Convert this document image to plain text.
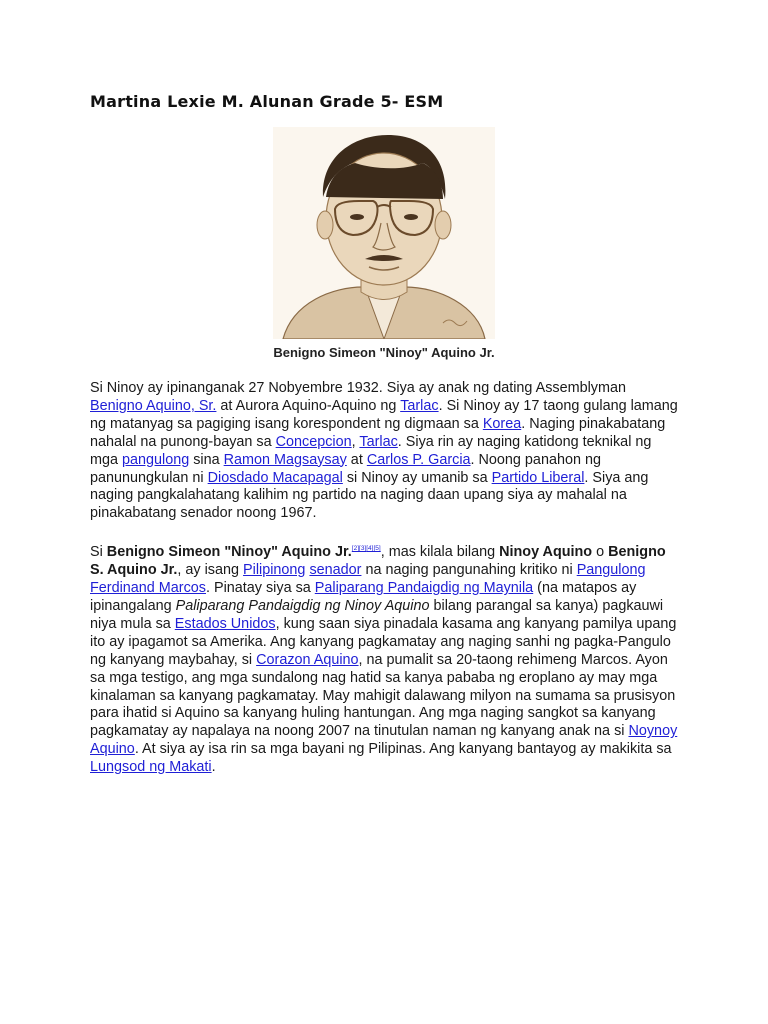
Martina Lexie M. Alunan Grade 5- ESM
Benigno Simeon "Ninoy" Aquino Jr.

Si Ninoy ay ipinanganak 27 Nobyembre 1932. Siya ay anak ng dating Assemblyman Benigno Aquino, Sr. at Aurora Aquino-Aquino ng Tarlac. Si Ninoy ay 17 taong gulang lamang ng matanyag sa pagiging isang korespondent ng digmaan sa Korea. Naging pinakabatang nahalal na punong-bayan sa Concepcion, Tarlac. Siya rin ay naging katidong teknikal ng mga pangulong sina Ramon Magsaysay at Carlos P. Garcia. Noong panahon ng panunungkulan ni Diosdado Macapagal si Ninoy ay umanib sa Partido Liberal. Siya ang naging pangkalahatang kalihim ng partido na naging daan upang siya ay mahalal na pinakabatang senador noong 1967.

Si Benigno Simeon "Ninoy" Aquino Jr.[2][3][4][5], mas kilala bilang Ninoy Aquino o Benigno S. Aquino Jr., ay isang Pilipinong senador na naging pangunahing kritiko ni Pangulong Ferdinand Marcos. Pinatay siya sa Paliparang Pandaigdig ng Maynila (na matapos ay ipinangalang Paliparang Pandaigdig ng Ninoy Aquino bilang parangal sa kanya) pagkauwi niya mula sa Estados Unidos, kung saan siya pinadala kasama ang kanyang pamilya upang ito ay ipagamot sa Amerika. Ang kanyang pagkamatay ang naging sanhi ng pagka-Pangulo ng kanyang maybahay, si Corazon Aquino, na pumalit sa 20-taong rehimeng Marcos. Ayon sa mga testigo, ang mga sundalong nag hatid sa kanya pababa ng eroplano ay may mga kinalaman sa kanyang pagkamatay. May mahigit dalawang milyon na sumama sa prusisyon para ihatid si Aquino sa kanyang huling hantungan. Ang mga naging sangkot sa kanyang pagkamatay ay napalaya na noong 2007 na tinutulan naman ng kanyang anak na si Noynoy Aquino. At siya ay isa rin sa mga bayani ng Pilipinas. Ang kanyang bantayog ay makikita sa Lungsod ng Makati.
